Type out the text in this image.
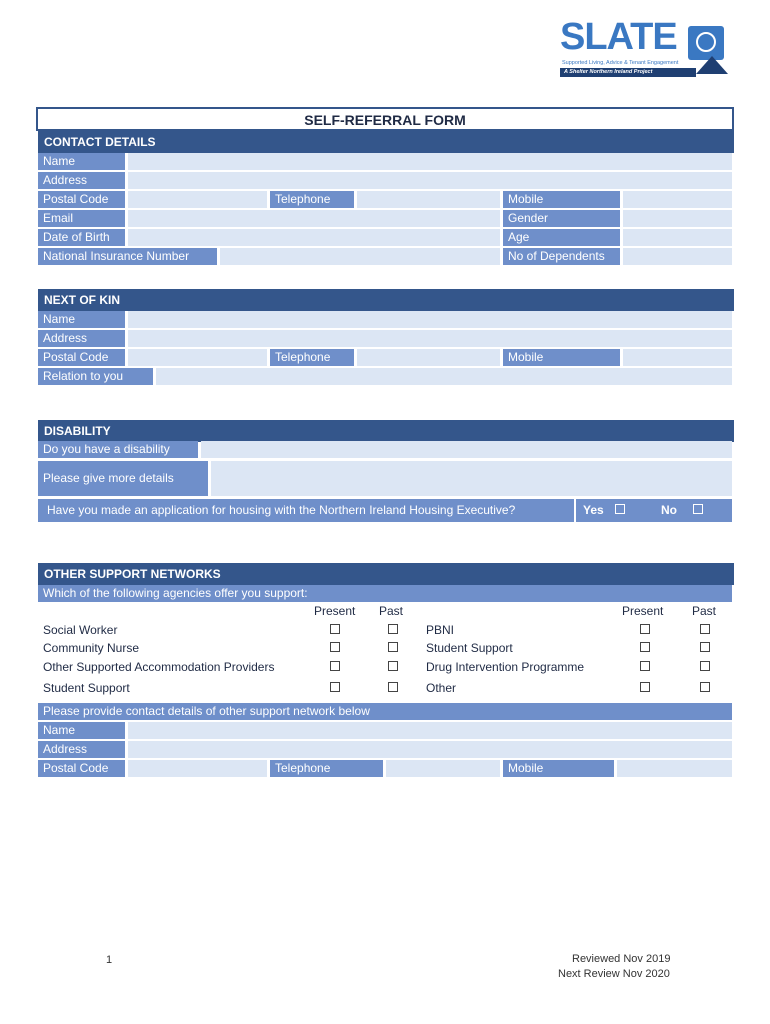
SLATE
Supported Living, Advice & Tenant Engagement
A Shelter Northern Ireland Project
SELF-REFERRAL FORM
CONTACT DETAILS
Name
Address
Postal Code	Telephone	Mobile
Email	Gender
Date of Birth	Age
National Insurance Number	No of Dependents
NEXT OF KIN
Name
Address
Postal Code	Telephone	Mobile
Relation to you
DISABILITY
Do you have a disability
Please give more details
Have you made an application for housing with the Northern Ireland Housing Executive?	Yes	No
OTHER SUPPORT NETWORKS
Which of the following agencies offer you support:
Present Past	Present Past
Social Worker	PBNI
Community Nurse	Student Support
Other Supported Accommodation Providers	Drug Intervention Programme
Student Support	Other
Please provide contact details of other support network below
Name
Address
Postal Code	Telephone	Mobile
1	Reviewed Nov 2019
Next Review Nov 2020
